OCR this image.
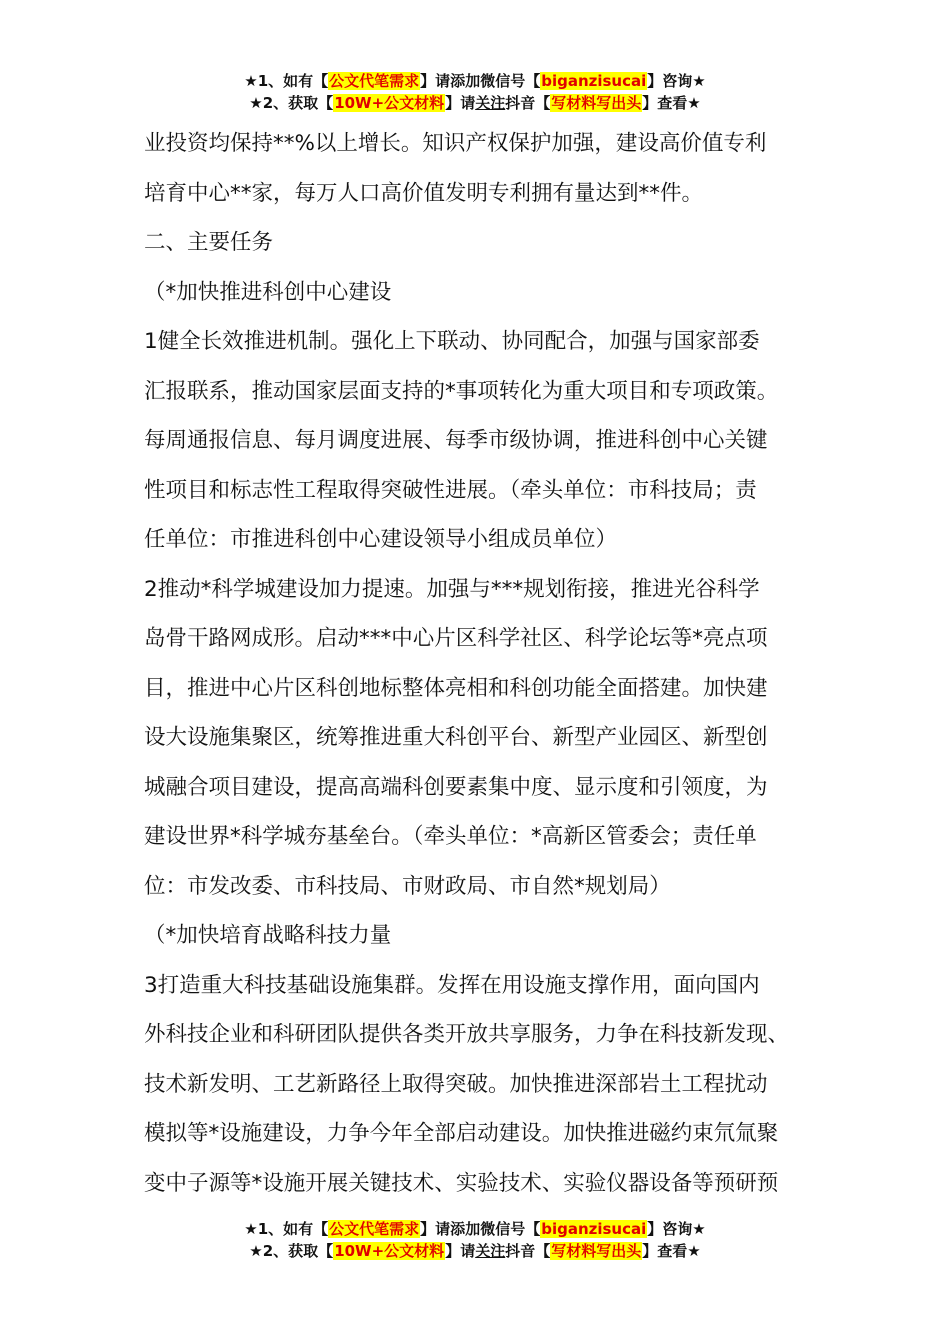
★1、如有【公文代笔需求】请添加微信号【biganzisucai】咨询★
★2、获取【10W+公文材料】请关注抖音【写材料写出头】查看★
业投资均保持**%以上增长。知识产权保护加强，建设高价值专利
培育中心**家，每万人口高价值发明专利拥有量达到**件。
二、主要任务
（*加快推进科创中心建设
1健全长效推进机制。强化上下联动、协同配合，加强与国家部委
汇报联系，推动国家层面支持的*事项转化为重大项目和专项政策。
每周通报信息、每月调度进展、每季市级协调，推进科创中心关键
性项目和标志性工程取得突破性进展。（牵头单位：市科技局；责
任单位：市推进科创中心建设领导小组成员单位）
2推动*科学城建设加力提速。加强与***规划衔接，推进光谷科学
岛骨干路网成形。启动***中心片区科学社区、科学论坛等*亮点项
目，推进中心片区科创地标整体亮相和科创功能全面搭建。加快建
设大设施集聚区，统筹推进重大科创平台、新型产业园区、新型创
城融合项目建设，提高高端科创要素集中度、显示度和引领度，为
建设世界*科学城夯基垒台。（牵头单位：*高新区管委会；责任单
位：市发改委、市科技局、市财政局、市自然*规划局）
（*加快培育战略科技力量
3打造重大科技基础设施集群。发挥在用设施支撑作用，面向国内
外科技企业和科研团队提供各类开放共享服务，力争在科技新发现、
技术新发明、工艺新路径上取得突破。加快推进深部岩土工程扰动
模拟等*设施建设，力争今年全部启动建设。加快推进磁约束氘氚聚
变中子源等*设施开展关键技术、实验技术、实验仪器设备等预研预
★1、如有【公文代笔需求】请添加微信号【biganzisucai】咨询★
★2、获取【10W+公文材料】请关注抖音【写材料写出头】查看★
